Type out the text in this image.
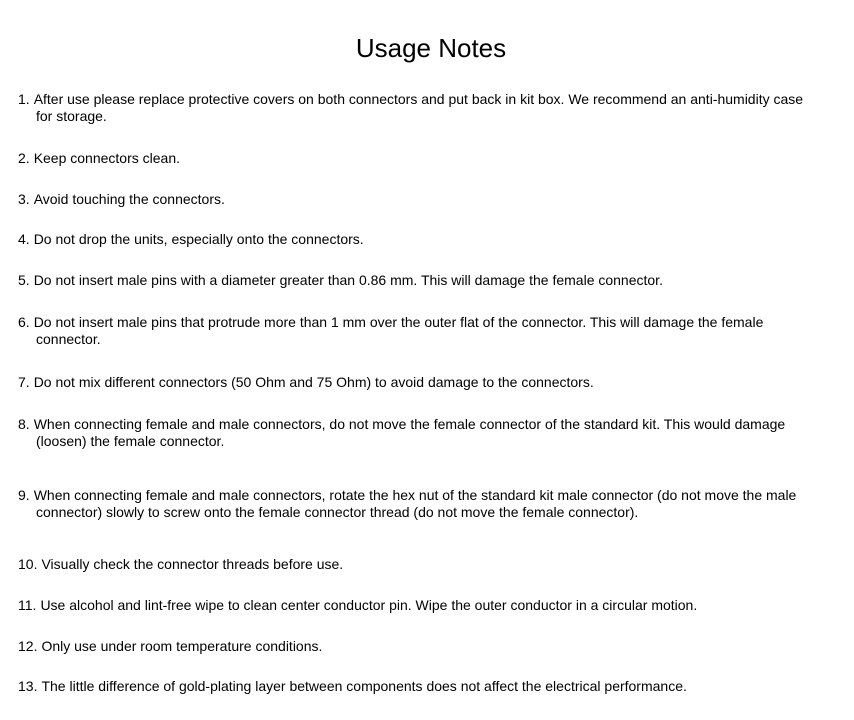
Usage Notes
1. After use please replace protective covers on both connectors and put back in kit box. We recommend an anti-humidity case
for storage.
2. Keep connectors clean.
3. Avoid touching the connectors.
4. Do not drop the units, especially onto the connectors.
5. Do not insert male pins with a diameter greater than 0.86 mm. This will damage the female connector.
6. Do not insert male pins that protrude more than 1 mm over the outer flat of the connector. This will damage the female
connector.
7. Do not mix different connectors (50 Ohm and 75 Ohm) to avoid damage to the connectors.
8. When connecting female and male connectors, do not move the female connector of the standard kit. This would damage
(loosen) the female connector.
9. When connecting female and male connectors, rotate the hex nut of the standard kit male connector (do not move the male
connector) slowly to screw onto the female connector thread (do not move the female connector).
10. Visually check the connector threads before use.
11. Use alcohol and lint-free wipe to clean center conductor pin. Wipe the outer conductor in a circular motion.
12. Only use under room temperature conditions.
13. The little difference of gold-plating layer between components does not affect the electrical performance.
